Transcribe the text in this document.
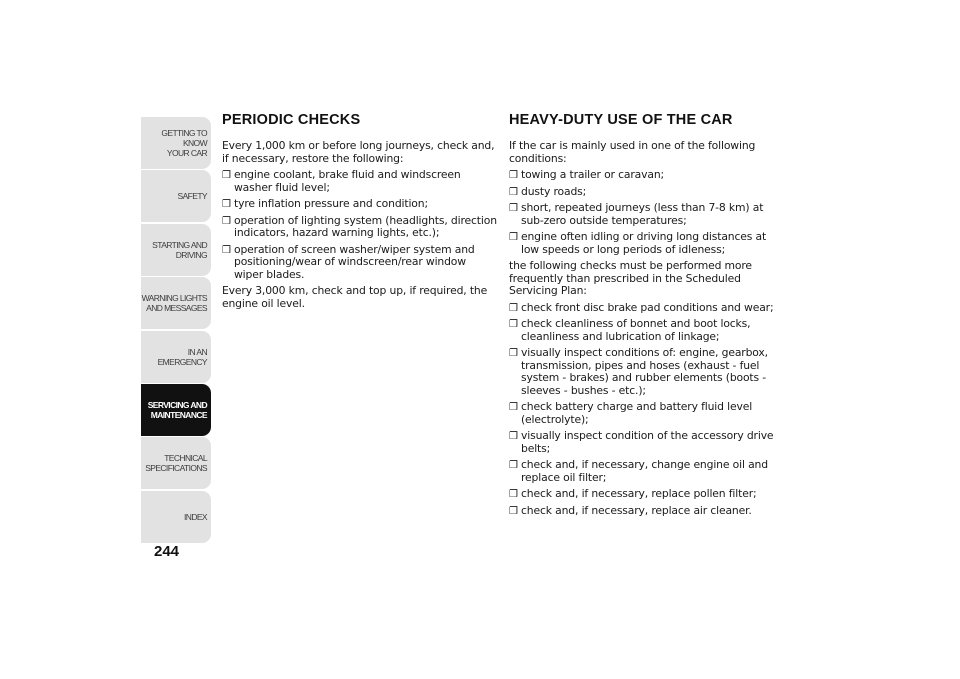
GETTING TO KNOW
YOUR CAR
SAFETY
STARTING AND
DRIVING
WARNING LIGHTS
AND MESSAGES
IN AN EMERGENCY
SERVICING AND
MAINTENANCE
TECHNICAL
SPECIFICATIONS
INDEX
244
PERIODIC CHECKS

Every 1,000 km or before long journeys, check and, if necessary, restore the following:

❒ engine coolant, brake fluid and windscreen washer fluid level;
❒ tyre inflation pressure and condition;
❒ operation of lighting system (headlights, direction indicators, hazard warning lights, etc.);
❒ operation of screen washer/wiper system and positioning/wear of windscreen/rear window wiper blades.

Every 3,000 km, check and top up, if required, the engine oil level.

HEAVY-DUTY USE OF THE CAR

If the car is mainly used in one of the following conditions:

❒ towing a trailer or caravan;
❒ dusty roads;
❒ short, repeated journeys (less than 7-8 km) at sub-zero outside temperatures;
❒ engine often idling or driving long distances at low speeds or long periods of idleness;

the following checks must be performed more frequently than prescribed in the Scheduled Servicing Plan:

❒ check front disc brake pad conditions and wear;
❒ check cleanliness of bonnet and boot locks, cleanliness and lubrication of linkage;
❒ visually inspect conditions of: engine, gearbox, transmission, pipes and hoses (exhaust - fuel system - brakes) and rubber elements (boots - sleeves - bushes - etc.);
❒ check battery charge and battery fluid level (electrolyte);
❒ visually inspect condition of the accessory drive belts;
❒ check and, if necessary, change engine oil and replace oil filter;
❒ check and, if necessary, replace pollen filter;
❒ check and, if necessary, replace air cleaner.
